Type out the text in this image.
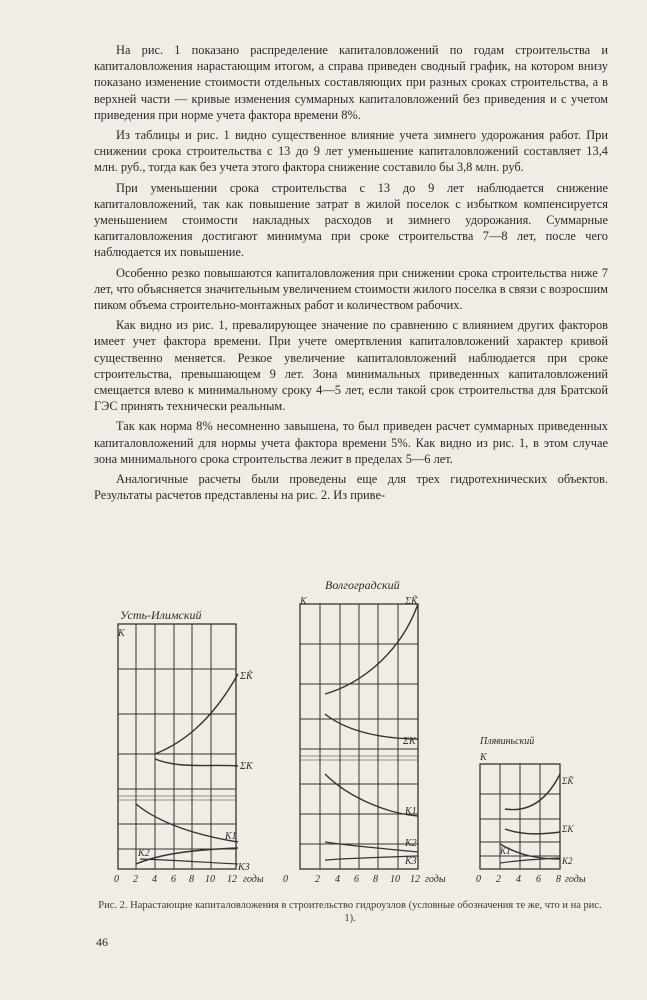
На рис. 1 показано распределение капиталовложений по годам строительства и капиталовложения нарастающим итогом, а справа приведен сводный график, на котором внизу показано изменение стоимости отдельных составляющих при разных сроках строительства, а в верхней части — кривые изменения суммарных капиталовложений без приведения и с учетом приведения при норме учета фактора времени 8%.

Из таблицы и рис. 1 видно существенное влияние учета зимнего удорожания работ. При снижении срока строительства с 13 до 9 лет уменьшение капиталовложений составляет 13,4 млн. руб., тогда как без учета этого фактора снижение составило бы 3,8 млн. руб.

При уменьшении срока строительства с 13 до 9 лет наблюдается снижение капиталовложений, так как повышение затрат в жилой поселок с избытком компенсируется уменьшением стоимости накладных расходов и зимнего удорожания. Суммарные капиталовложения достигают минимума при сроке строительства 7—8 лет, после чего наблюдается их повышение.

Особенно резко повышаются капиталовложения при снижении срока строительства ниже 7 лет, что объясняется значительным увеличением стоимости жилого поселка в связи с возросшим пиком объема строительно-монтажных работ и количеством рабочих.

Как видно из рис. 1, превалирующее значение по сравнению с влиянием других факторов имеет учет фактора времени. При учете омертвления капиталовложений характер кривой существенно меняется. Резкое увеличение капиталовложений наблюдается при сроке строительства, превышающем 9 лет. Зона минимальных приведенных капиталовложений смещается влево к минимальному сроку 4—5 лет, если такой срок строительства для Братской ГЭС принять технически реальным.

Так как норма 8% несомненно завышена, то был приведен расчет суммарных приведенных капиталовложений для нормы учета фактора времени 5%. Как видно из рис. 1, в этом случае зона минимального срока строительства лежит в пределах 5—6 лет.

Аналогичные расчеты были проведены еще для трех гидротехнических объектов. Результаты расчетов представлены на рис. 2. Из приве-

Усть-Илимский
Волгоградский
Плявиньский
К
К
К
ΣK̃
ΣK
K1
K2
K3
ΣK̃
ΣK
K1
K2
K3
ΣK̃
ΣK
K1
K2
0 2 4 6 8 10 12 годы 0	2 4 6 8 10 12 годы	0 2 4 6 8 годы
Рис. 2. Нарастающие капиталовложения в строительство гидроузлов (условные обозначения те же, что и на рис. 1).
46
